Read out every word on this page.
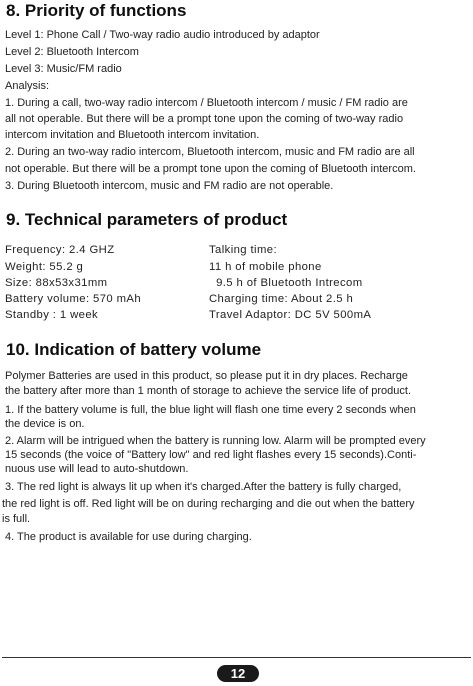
8. Priority of functions
Level 1: Phone Call / Two-way radio audio introduced by adaptor
Level 2: Bluetooth Intercom
Level 3: Music/FM radio
Analysis:
1. During a call, two-way radio intercom / Bluetooth intercom / music / FM radio are
all not operable. But there will be a prompt tone upon the coming of two-way radio
intercom invitation and Bluetooth intercom invitation.
2. During an two-way radio intercom, Bluetooth intercom, music and FM radio are all
not operable. But there will be a prompt tone upon the coming of Bluetooth intercom.
3. During Bluetooth intercom, music and FM radio are not operable.
9. Technical parameters of product
Frequency: 2.4 GHZ
Weight: 55.2 g
Size: 88x53x31mm
Battery volume: 570 mAh
Standby : 1 week
Talking time:
11 h of mobile phone
9.5 h of Bluetooth Intrecom
Charging time: About 2.5 h
Travel Adaptor: DC 5V 500mA
10. Indication of battery volume
Polymer Batteries are used in this product, so please put it in dry places. Recharge
the battery after more than 1 month of storage to achieve the service life of product.
1. If the battery volume is full, the blue light will flash one time every 2 seconds when
the device is on.
2. Alarm will be intrigued when the battery is running low. Alarm will be prompted every
15 seconds (the voice of "Battery low" and red light flashes every 15 seconds).Conti-
nuous use will lead to auto-shutdown.
3. The red light is always lit up when it's charged.After the battery is fully charged,
the red light is off. Red light will be on during recharging and die out when the battery
is full.
4. The product is available for use during charging.
12
